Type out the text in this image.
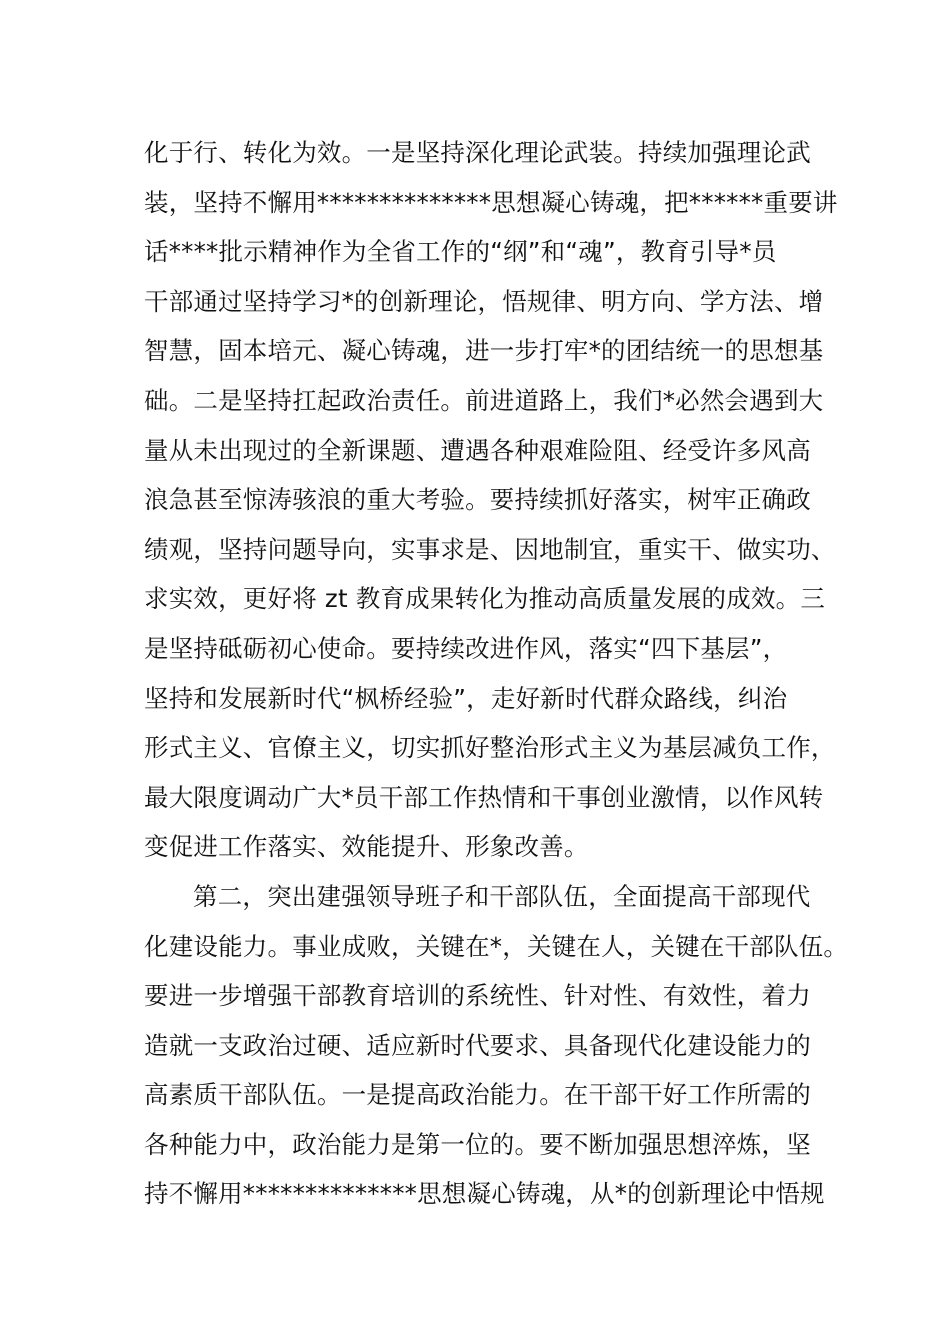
化于行、转化为效。一是坚持深化理论武装。持续加强理论武
装，坚持不懈用**************思想凝心铸魂，把******重要讲
话****批示精神作为全省工作的“纲”和“魂”，教育引导*员
干部通过坚持学习*的创新理论，悟规律、明方向、学方法、增
智慧，固本培元、凝心铸魂，进一步打牢*的团结统一的思想基
础。二是坚持扛起政治责任。前进道路上，我们*必然会遇到大
量从未出现过的全新课题、遭遇各种艰难险阻、经受许多风高
浪急甚至惊涛骇浪的重大考验。要持续抓好落实，树牢正确政
绩观，坚持问题导向，实事求是、因地制宜，重实干、做实功、
求实效，更好将 zt 教育成果转化为推动高质量发展的成效。三
是坚持砥砺初心使命。要持续改进作风，落实“四下基层”，
坚持和发展新时代“枫桥经验”，走好新时代群众路线，纠治
形式主义、官僚主义，切实抓好整治形式主义为基层减负工作，
最大限度调动广大*员干部工作热情和干事创业激情，以作风转
变促进工作落实、效能提升、形象改善。
第二，突出建强领导班子和干部队伍，全面提高干部现代
化建设能力。事业成败，关键在*，关键在人，关键在干部队伍。
要进一步增强干部教育培训的系统性、针对性、有效性，着力
造就一支政治过硬、适应新时代要求、具备现代化建设能力的
高素质干部队伍。一是提高政治能力。在干部干好工作所需的
各种能力中，政治能力是第一位的。要不断加强思想淬炼，坚
持不懈用**************思想凝心铸魂，从*的创新理论中悟规
